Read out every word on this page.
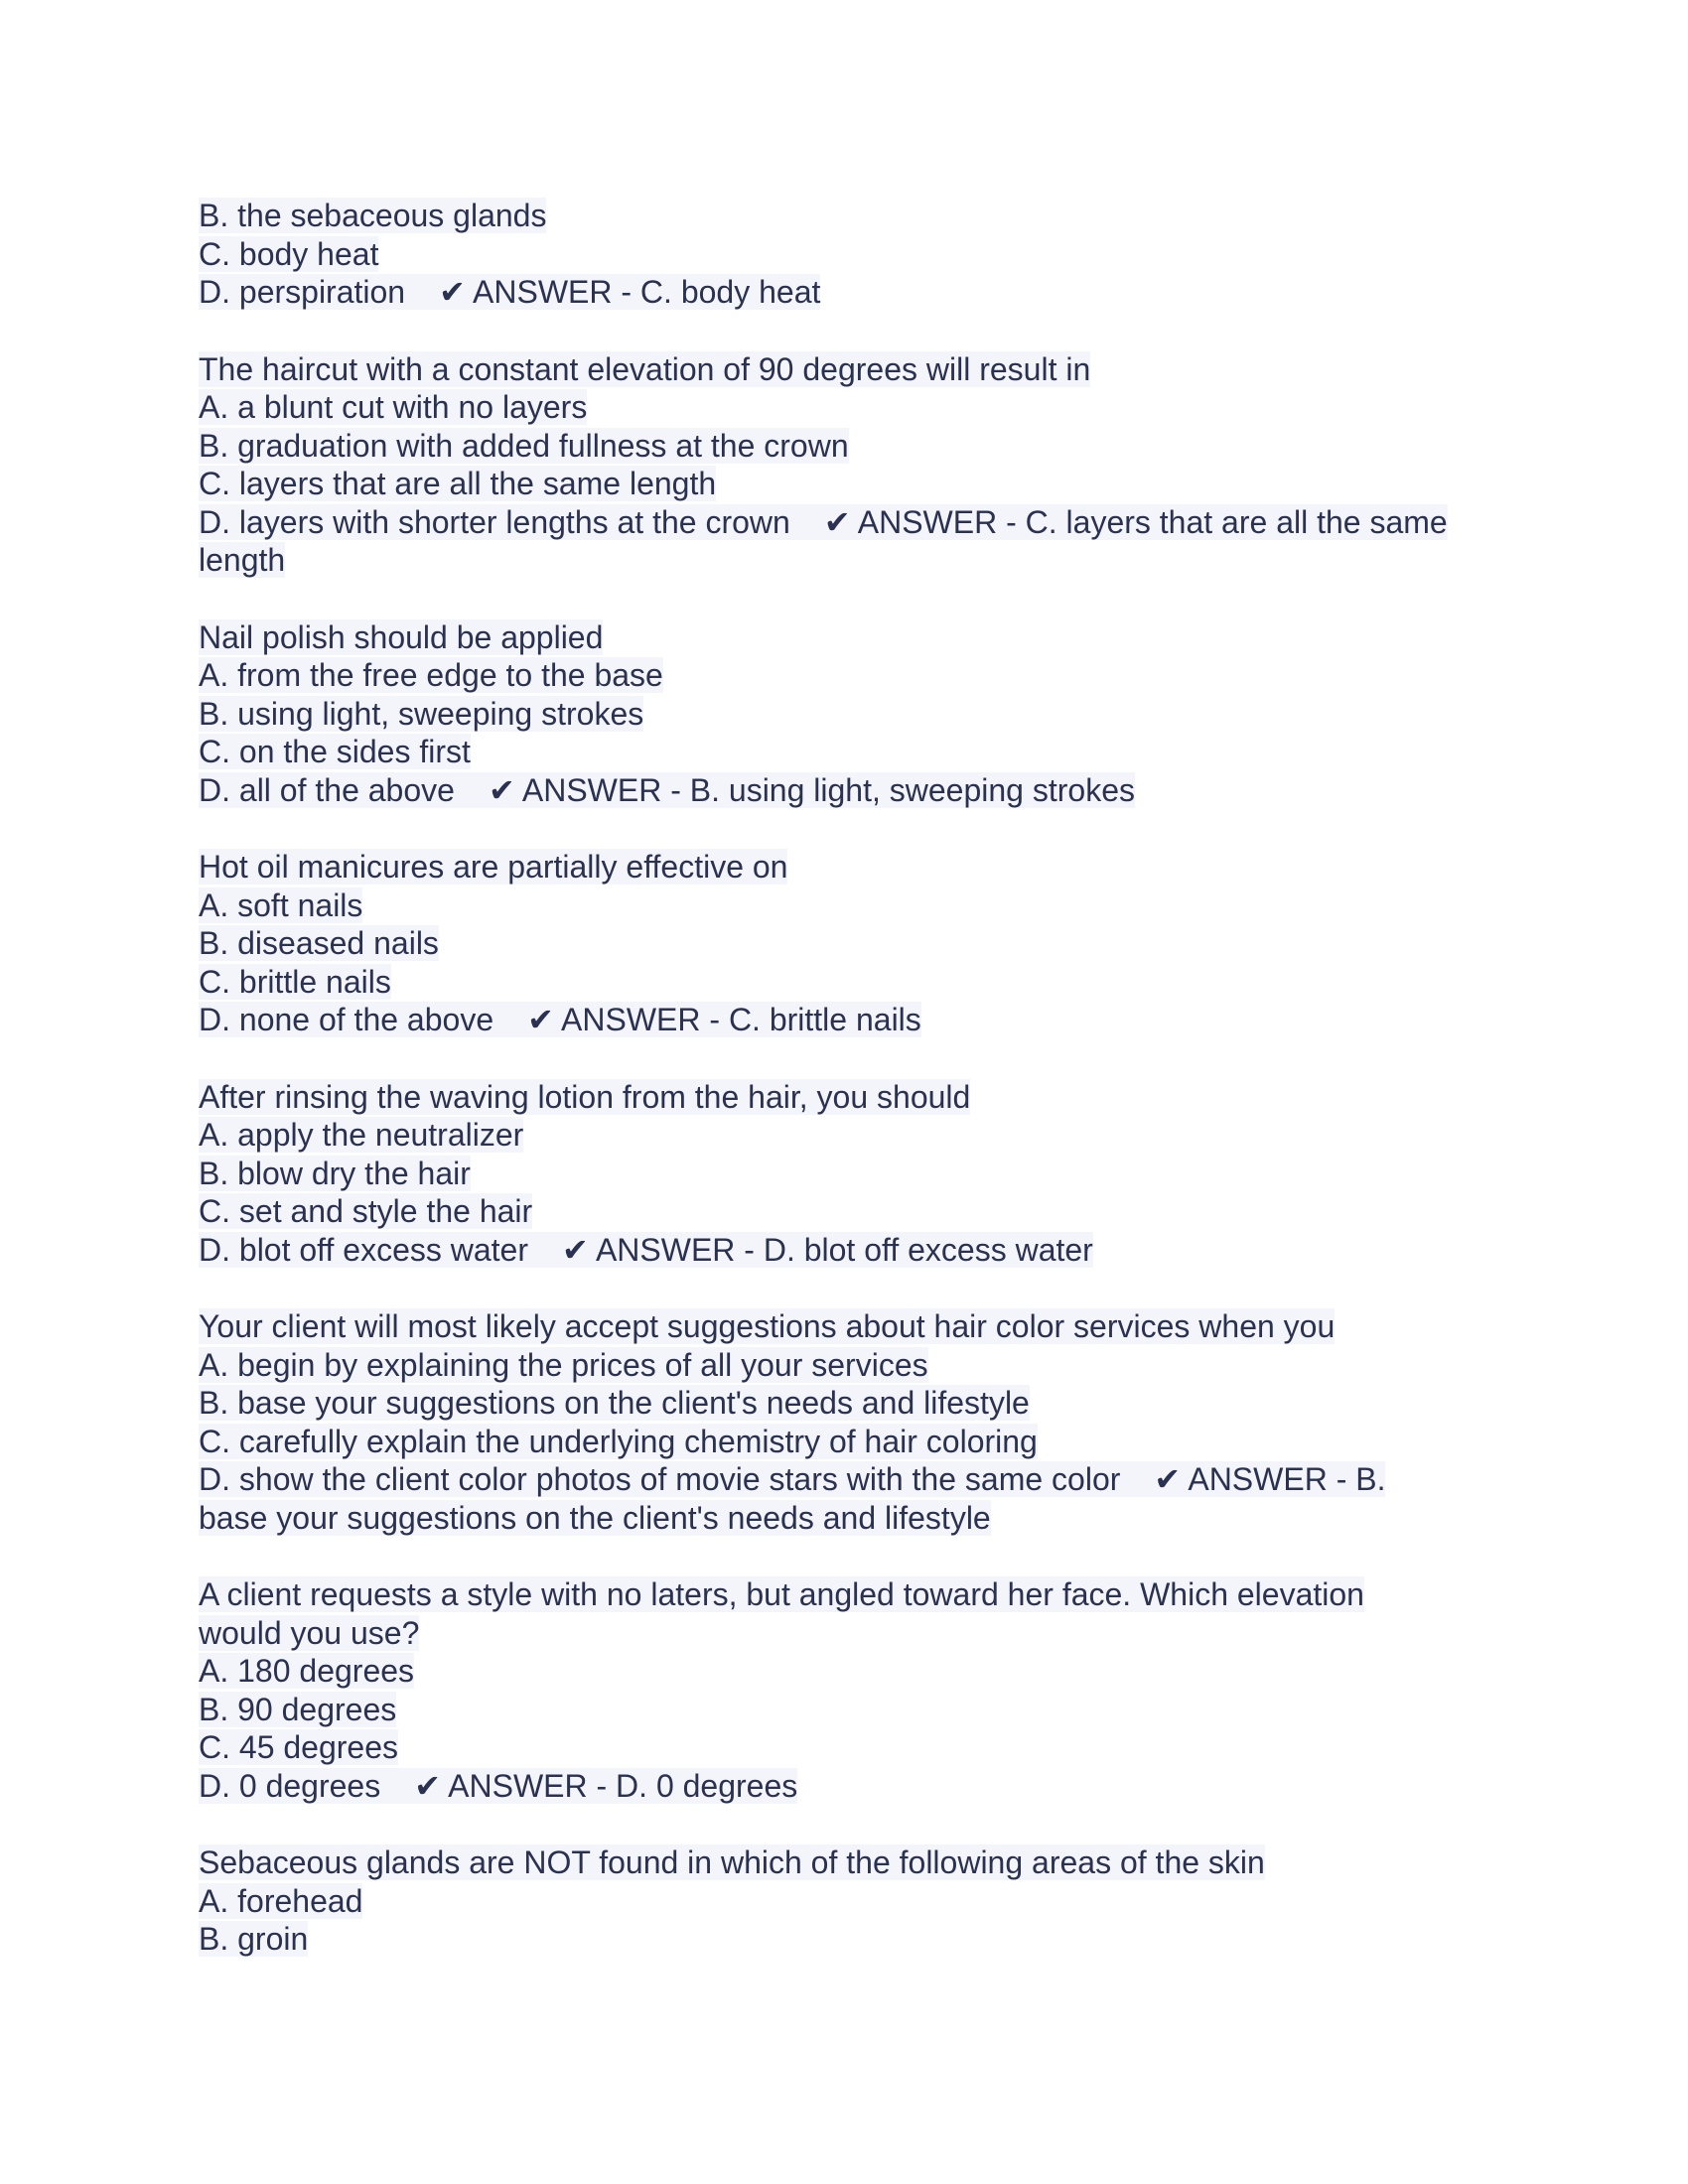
B. the sebaceous glands
C. body heat
D. perspiration ✔ ANSWER - C. body heat
The haircut with a constant elevation of 90 degrees will result in
A. a blunt cut with no layers
B. graduation with added fullness at the crown
C. layers that are all the same length
D. layers with shorter lengths at the crown ✔ ANSWER - C. layers that are all the same length
Nail polish should be applied
A. from the free edge to the base
B. using light, sweeping strokes
C. on the sides first
D. all of the above ✔ ANSWER - B. using light, sweeping strokes
Hot oil manicures are partially effective on
A. soft nails
B. diseased nails
C. brittle nails
D. none of the above ✔ ANSWER - C. brittle nails
After rinsing the waving lotion from the hair, you should
A. apply the neutralizer
B. blow dry the hair
C. set and style the hair
D. blot off excess water ✔ ANSWER - D. blot off excess water
Your client will most likely accept suggestions about hair color services when you
A. begin by explaining the prices of all your services
B. base your suggestions on the client's needs and lifestyle
C. carefully explain the underlying chemistry of hair coloring
D. show the client color photos of movie stars with the same color ✔ ANSWER - B. base your suggestions on the client's needs and lifestyle
A client requests a style with no laters, but angled toward her face. Which elevation would you use?
A. 180 degrees
B. 90 degrees
C. 45 degrees
D. 0 degrees ✔ ANSWER - D. 0 degrees
Sebaceous glands are NOT found in which of the following areas of the skin
A. forehead
B. groin
